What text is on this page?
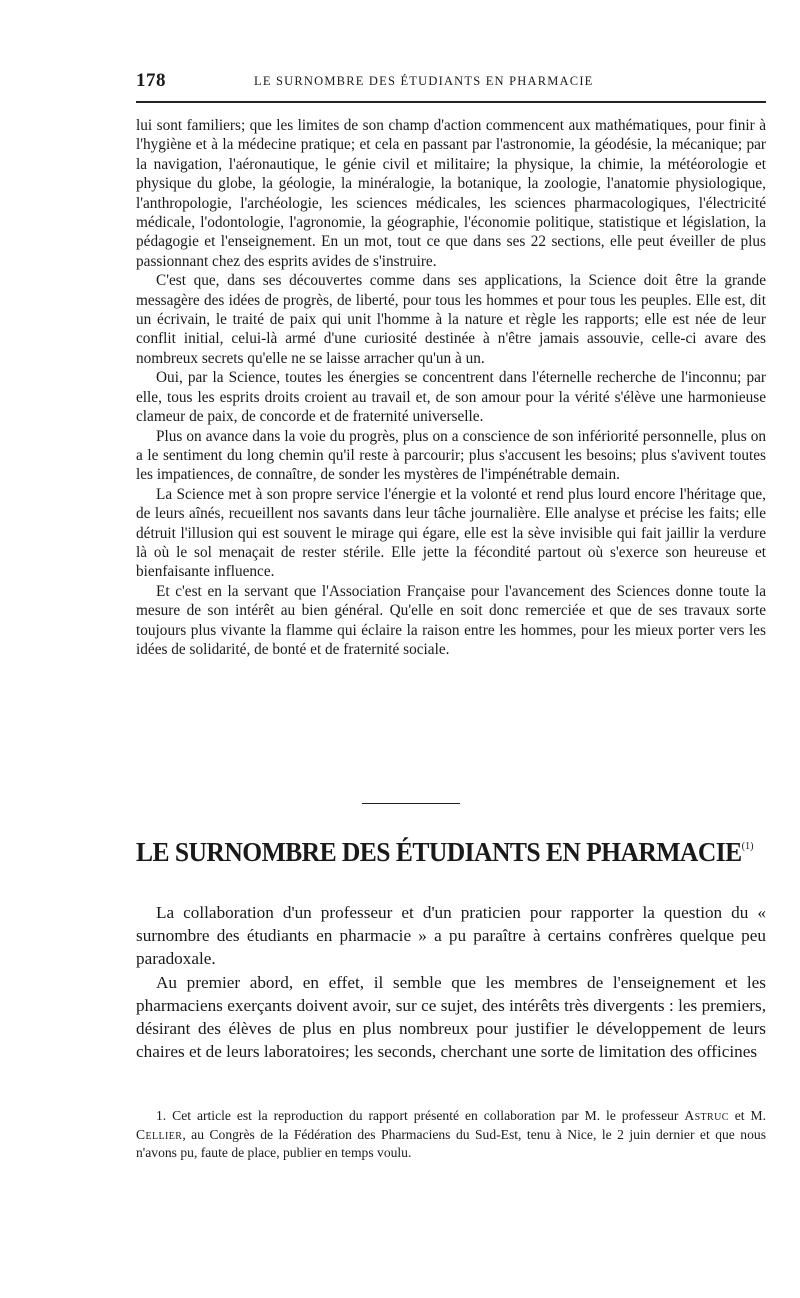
178	LE SURNOMBRE DES ÉTUDIANTS EN PHARMACIE

lui sont familiers; que les limites de son champ d'action commencent aux mathématiques, pour finir à l'hygiène et à la médecine pratique; et cela en passant par l'astronomie, la géodésie, la mécanique; par la navigation, l'aéronautique, le génie civil et militaire; la physique, la chimie, la météorologie et physique du globe, la géologie, la minéralogie, la botanique, la zoologie, l'anatomie physiologique, l'anthropologie, l'archéologie, les sciences médicales, les sciences pharmacologiques, l'électricité médicale, l'odontologie, l'agronomie, la géographie, l'économie politique, statistique et législation, la pédagogie et l'enseignement. En un mot, tout ce que dans ses 22 sections, elle peut éveiller de plus passionnant chez des esprits avides de s'instruire.

C'est que, dans ses découvertes comme dans ses applications, la Science doit être la grande messagère des idées de progrès, de liberté, pour tous les hommes et pour tous les peuples. Elle est, dit un écrivain, le traité de paix qui unit l'homme à la nature et règle les rapports; elle est née de leur conflit initial, celui-là armé d'une curiosité destinée à n'être jamais assouvie, celle-ci avare des nombreux secrets qu'elle ne se laisse arracher qu'un à un.

Oui, par la Science, toutes les énergies se concentrent dans l'éternelle recherche de l'inconnu; par elle, tous les esprits droits croient au travail et, de son amour pour la vérité s'élève une harmonieuse clameur de paix, de concorde et de fraternité universelle.

Plus on avance dans la voie du progrès, plus on a conscience de son infériorité personnelle, plus on a le sentiment du long chemin qu'il reste à parcourir; plus s'accusent les besoins; plus s'avivent toutes les impatiences, de connaître, de sonder les mystères de l'impénétrable demain.

La Science met à son propre service l'énergie et la volonté et rend plus lourd encore l'héritage que, de leurs aînés, recueillent nos savants dans leur tâche journalière. Elle analyse et précise les faits; elle détruit l'illusion qui est souvent le mirage qui égare, elle est la sève invisible qui fait jaillir la verdure là où le sol menaçait de rester stérile. Elle jette la fécondité partout où s'exerce son heureuse et bienfaisante influence.

Et c'est en la servant que l'Association Française pour l'avancement des Sciences donne toute la mesure de son intérêt au bien général. Qu'elle en soit donc remerciée et que de ses travaux sorte toujours plus vivante la flamme qui éclaire la raison entre les hommes, pour les mieux porter vers les idées de solidarité, de bonté et de fraternité sociale.

LE SURNOMBRE DES ÉTUDIANTS EN PHARMACIE$^{(1)}$

La collaboration d'un professeur et d'un praticien pour rapporter la question du « surnombre des étudiants en pharmacie » a pu paraître à certains confrères quelque peu paradoxale.

Au premier abord, en effet, il semble que les membres de l'enseignement et les pharmaciens exerçants doivent avoir, sur ce sujet, des intérêts très divergents : les premiers, désirant des élèves de plus en plus nombreux pour justifier le développement de leurs chaires et de leurs laboratoires; les seconds, cherchant une sorte de limitation des officines

1. Cet article est la reproduction du rapport présenté en collaboration par M. le professeur Astruc et M. Cellier, au Congrès de la Fédération des Pharmaciens du Sud-Est, tenu à Nice, le 2 juin dernier et que nous n'avons pu, faute de place, publier en temps voulu.
